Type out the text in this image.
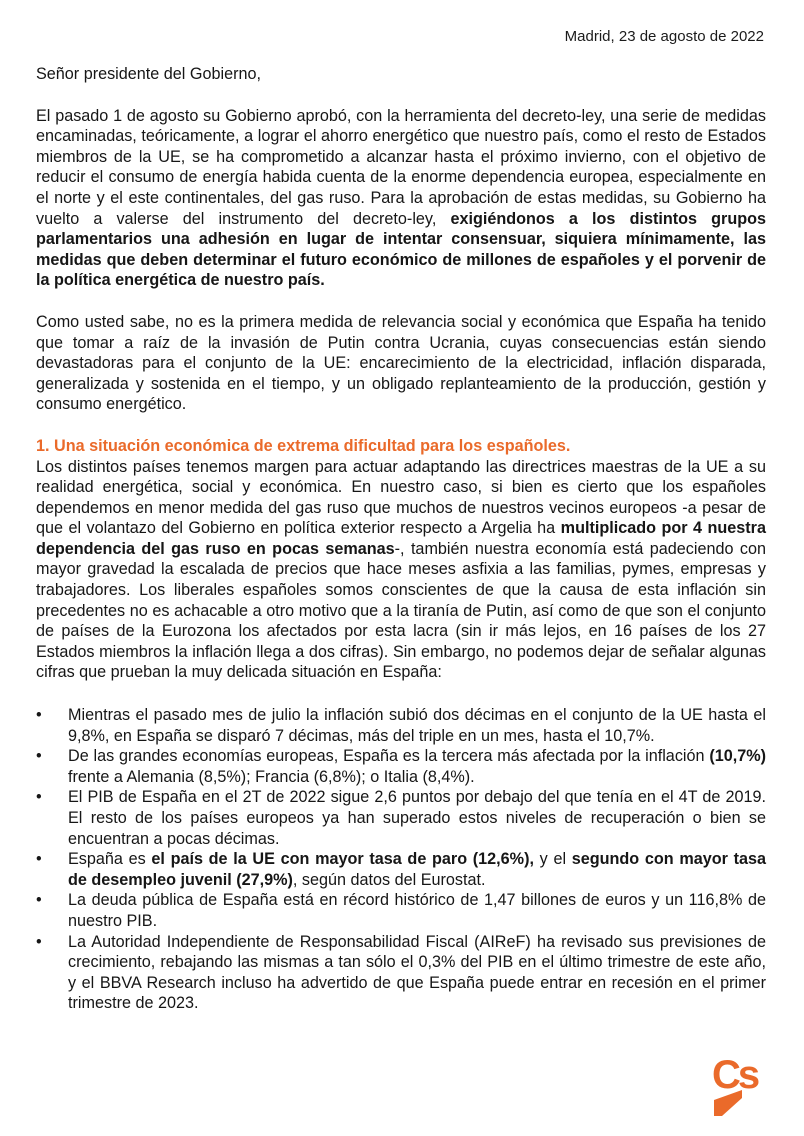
Madrid, 23 de agosto de 2022

Señor presidente del Gobierno,

El pasado 1 de agosto su Gobierno aprobó, con la herramienta del decreto-ley, una serie de medidas encaminadas, teóricamente, a lograr el ahorro energético que nuestro país, como el resto de Estados miembros de la UE, se ha comprometido a alcanzar hasta el próximo invierno, con el objetivo de reducir el consumo de energía habida cuenta de la enorme dependencia europea, especialmente en el norte y el este continentales, del gas ruso. Para la aprobación de estas medidas, su Gobierno ha vuelto a valerse del instrumento del decreto-ley, exigiéndonos a los distintos grupos parlamentarios una adhesión en lugar de intentar consensuar, siquiera mínimamente, las medidas que deben determinar el futuro económico de millones de españoles y el porvenir de la política energética de nuestro país.

Como usted sabe, no es la primera medida de relevancia social y económica que España ha tenido que tomar a raíz de la invasión de Putin contra Ucrania, cuyas consecuencias están siendo devastadoras para el conjunto de la UE: encarecimiento de la electricidad, inflación disparada, generalizada y sostenida en el tiempo, y un obligado replanteamiento de la producción, gestión y consumo energético.

1. Una situación económica de extrema dificultad para los españoles.

Los distintos países tenemos margen para actuar adaptando las directrices maestras de la UE a su realidad energética, social y económica. En nuestro caso, si bien es cierto que los españoles dependemos en menor medida del gas ruso que muchos de nuestros vecinos europeos -a pesar de que el volantazo del Gobierno en política exterior respecto a Argelia ha multiplicado por 4 nuestra dependencia del gas ruso en pocas semanas-, también nuestra economía está padeciendo con mayor gravedad la escalada de precios que hace meses asfixia a las familias, pymes, empresas y trabajadores. Los liberales españoles somos conscientes de que la causa de esta inflación sin precedentes no es achacable a otro motivo que a la tiranía de Putin, así como de que son el conjunto de países de la Eurozona los afectados por esta lacra (sin ir más lejos, en 16 países de los 27 Estados miembros la inflación llega a dos cifras). Sin embargo, no podemos dejar de señalar algunas cifras que prueban la muy delicada situación en España:

•	Mientras el pasado mes de julio la inflación subió dos décimas en el conjunto de la UE hasta el 9,8%, en España se disparó 7 décimas, más del triple en un mes, hasta el 10,7%.
•	De las grandes economías europeas, España es la tercera más afectada por la inflación (10,7%) frente a Alemania (8,5%); Francia (6,8%); o Italia (8,4%).
•	El PIB de España en el 2T de 2022 sigue 2,6 puntos por debajo del que tenía en el 4T de 2019. El resto de los países europeos ya han superado estos niveles de recuperación o bien se encuentran a pocas décimas.
•	España es el país de la UE con mayor tasa de paro (12,6%), y el segundo con mayor tasa de desempleo juvenil (27,9%), según datos del Eurostat.
•	La deuda pública de España está en récord histórico de 1,47 billones de euros y un 116,8% de nuestro PIB.
•	La Autoridad Independiente de Responsabilidad Fiscal (AIReF) ha revisado sus previsiones de crecimiento, rebajando las mismas a tan sólo el 0,3% del PIB en el último trimestre de este año, y el BBVA Research incluso ha advertido de que España puede entrar en recesión en el primer trimestre de 2023.
Cs
